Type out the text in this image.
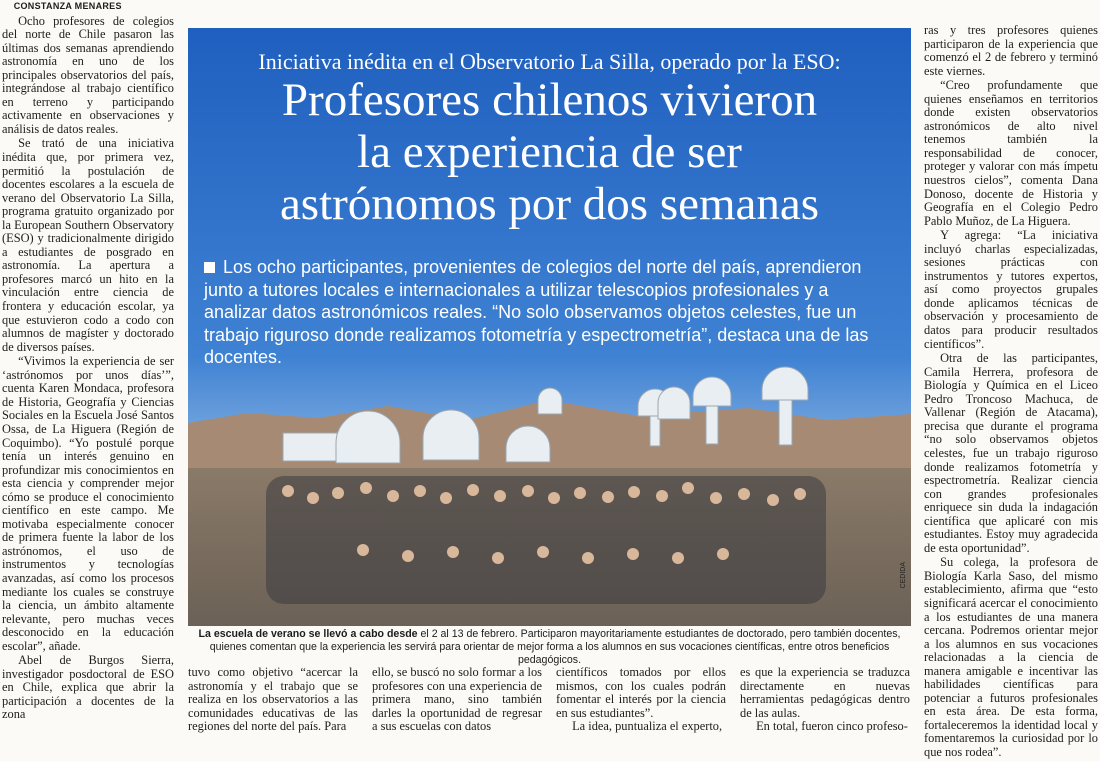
CONSTANZA MENARES

Ocho profesores de colegios del norte de Chile pasaron las últimas dos semanas aprendiendo astronomía en uno de los principales observatorios del país, integrándose al trabajo científico en terreno y participando activamente en observaciones y análisis de datos reales.

Se trató de una iniciativa inédita que, por primera vez, permitió la postulación de docentes escolares a la escuela de verano del Observatorio La Silla, programa gratuito organizado por la European Southern Observatory (ESO) y tradicionalmente dirigido a estudiantes de posgrado en astronomía. La apertura a profesores marcó un hito en la vinculación entre ciencia de frontera y educación escolar, ya que estuvieron codo a codo con alumnos de magíster y doctorado de diversos países.

“Vivimos la experiencia de ser ‘astrónomos por unos días’”, cuenta Karen Mondaca, profesora de Historia, Geografía y Ciencias Sociales en la Escuela José Santos Ossa, de La Higuera (Región de Coquimbo). “Yo postulé porque tenía un interés genuino en profundizar mis conocimientos en esta ciencia y comprender mejor cómo se produce el conocimiento científico en este campo. Me motivaba especialmente conocer de primera fuente la labor de los astrónomos, el uso de instrumentos y tecnologías avanzadas, así como los procesos mediante los cuales se construye la ciencia, un ámbito altamente relevante, pero muchas veces desconocido en la educación escolar”, añade.

Abel de Burgos Sierra, investigador posdoctoral de ESO en Chile, explica que abrir la participación a docentes de la zona

Iniciativa inédita en el Observatorio La Silla, operado por la ESO:
Profesores chilenos vivieron
la experiencia de ser
astrónomos por dos semanas
Los ocho participantes, provenientes de colegios del norte del país, aprendieron junto a tutores locales e internacionales a utilizar telescopios profesionales y a analizar datos astronómicos reales. “No solo observamos objetos celestes, fue un trabajo riguroso donde realizamos fotometría y espectrometría”, destaca una de las docentes.
CEDIDA
La escuela de verano se llevó a cabo desde el 2 al 13 de febrero. Participaron mayoritariamente estudiantes de doctorado, pero también docentes, quienes comentan que la experiencia les servirá para orientar de mejor forma a los alumnos en sus vocaciones científicas, entre otros beneficios pedagógicos.

tuvo como objetivo “acercar la astronomía y el trabajo que se realiza en los observatorios a las comunidades educativas de las regiones del norte del país. Para

ello, se buscó no solo formar a los profesores con una experiencia de primera mano, sino también darles la oportunidad de regresar a sus escuelas con datos

científicos tomados por ellos mismos, con los cuales podrán fomentar el interés por la ciencia en sus estudiantes”.

La idea, puntualiza el experto,

es que la experiencia se traduzca directamente en nuevas herramientas pedagógicas dentro de las aulas.

En total, fueron cinco profeso-

ras y tres profesores quienes participaron de la experiencia que comenzó el 2 de febrero y terminó este viernes.

“Creo profundamente que quienes enseñamos en territorios donde existen observatorios astronómicos de alto nivel tenemos también la responsabilidad de conocer, proteger y valorar con más ímpetu nuestros cielos”, comenta Dana Donoso, docente de Historia y Geografía en el Colegio Pedro Pablo Muñoz, de La Higuera.

Y agrega: “La iniciativa incluyó charlas especializadas, sesiones prácticas con instrumentos y tutores expertos, así como proyectos grupales donde aplicamos técnicas de observación y procesamiento de datos para producir resultados científicos”.

Otra de las participantes, Camila Herrera, profesora de Biología y Química en el Liceo Pedro Troncoso Machuca, de Vallenar (Región de Atacama), precisa que durante el programa “no solo observamos objetos celestes, fue un trabajo riguroso donde realizamos fotometría y espectrometría. Realizar ciencia con grandes profesionales enriquece sin duda la indagación científica que aplicaré con mis estudiantes. Estoy muy agradecida de esta oportunidad”.

Su colega, la profesora de Biología Karla Saso, del mismo establecimiento, afirma que “esto significará acercar el conocimiento a los estudiantes de una manera cercana. Podremos orientar mejor a los alumnos en sus vocaciones relacionadas a la ciencia de manera amigable e incentivar las habilidades científicas para potenciar a futuros profesionales en esta área. De esta forma, fortaleceremos la identidad local y fomentaremos la curiosidad por lo que nos rodea”.
